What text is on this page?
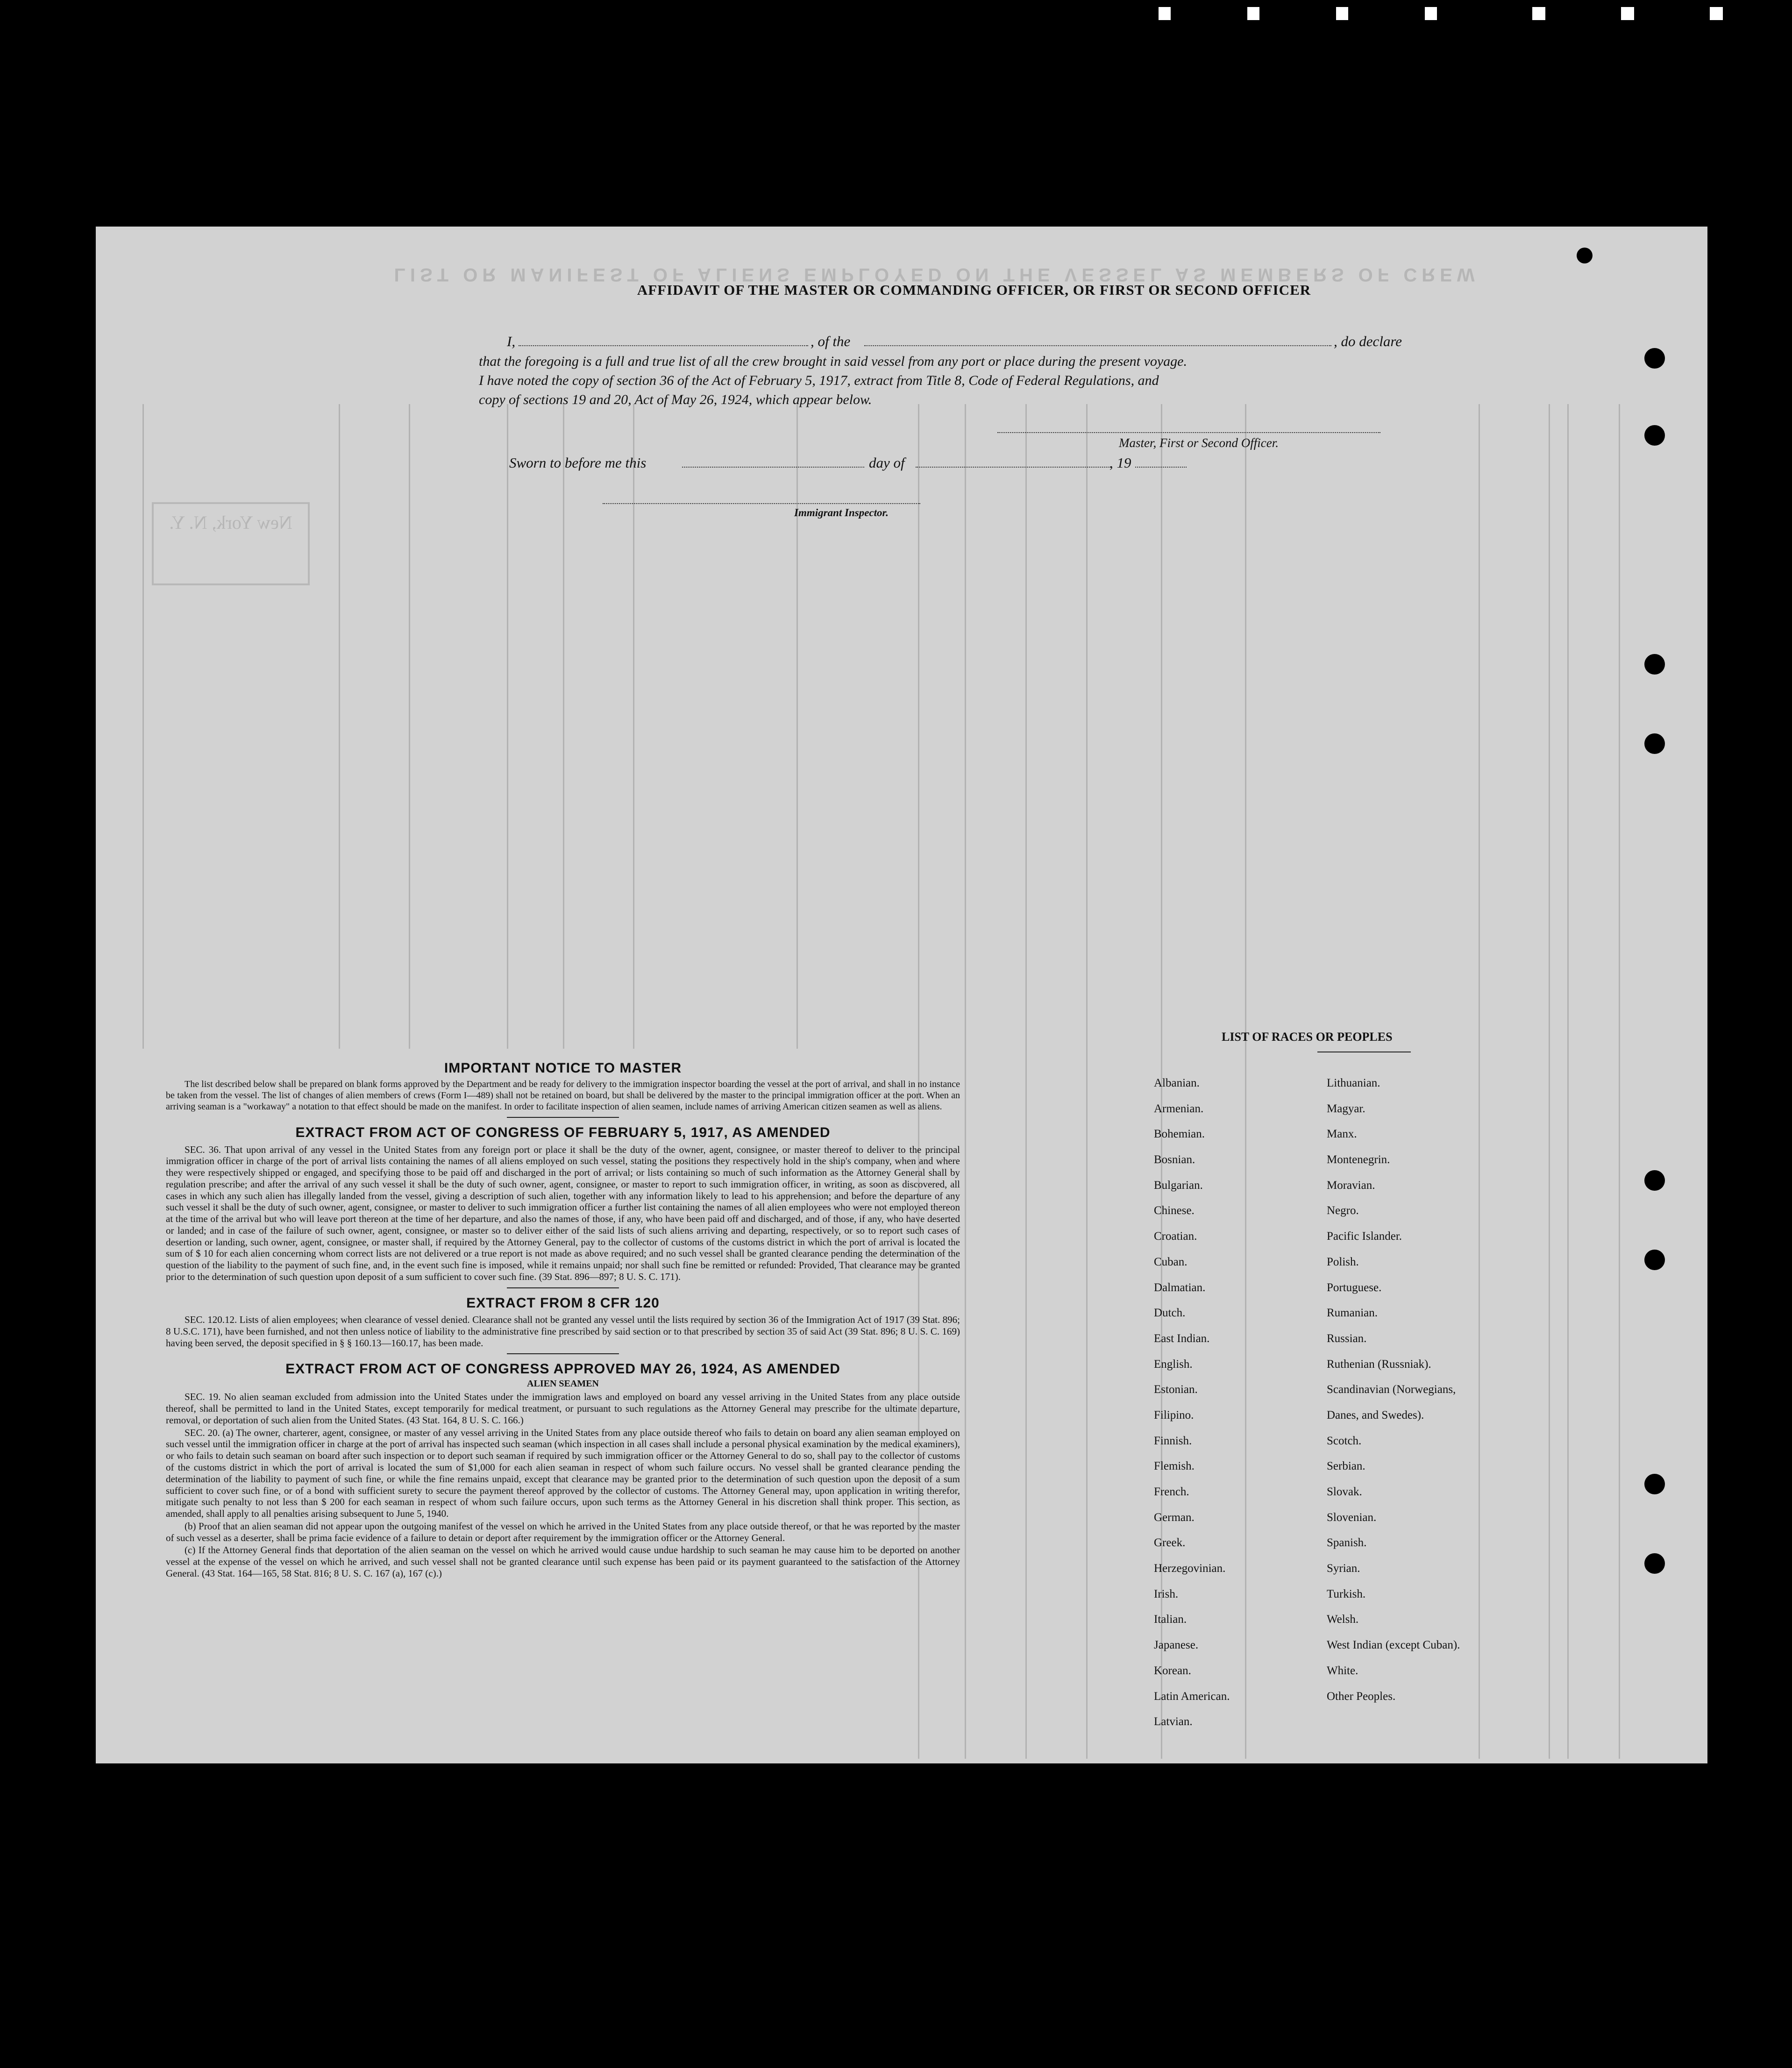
LIST OR MANIFEST OF ALIENS EMPLOYED ON THE VESSEL AS MEMBERS OF CREW
New York, N. Y.
AFFIDAVIT OF THE MASTER OR COMMANDING OFFICER, OR FIRST OR SECOND OFFICER
I,	, of the	, do declare
that the foregoing is a full and true list of all the crew brought in said vessel from any port or place during the present voyage.
I have noted the copy of section 36 of the Act of February 5, 1917, extract from Title 8, Code of Federal Regulations, and
copy of sections 19 and 20, Act of May 26, 1924, which appear below.
Master, First or Second Officer.
Sworn to before me this	day of	, 19
Immigrant Inspector.
IMPORTANT NOTICE TO MASTER

The list described below shall be prepared on blank forms approved by the Department and be ready for delivery to the immigration inspector boarding the vessel at the port of arrival, and shall in no instance be taken from the vessel. The list of changes of alien members of crews (Form I—489) shall not be retained on board, but shall be delivered by the master to the principal immigration officer at the port. When an arriving seaman is a "workaway" a notation to that effect should be made on the manifest. In order to facilitate inspection of alien seamen, include names of arriving American citizen seamen as well as aliens.

EXTRACT FROM ACT OF CONGRESS OF FEBRUARY 5, 1917, AS AMENDED

SEC. 36. That upon arrival of any vessel in the United States from any foreign port or place it shall be the duty of the owner, agent, consignee, or master thereof to deliver to the principal immigration officer in charge of the port of arrival lists containing the names of all aliens employed on such vessel, stating the positions they respectively hold in the ship's company, when and where they were respectively shipped or engaged, and specifying those to be paid off and discharged in the port of arrival; or lists containing so much of such information as the Attorney General shall by regulation prescribe; and after the arrival of any such vessel it shall be the duty of such owner, agent, consignee, or master to report to such immigration officer, in writing, as soon as discovered, all cases in which any such alien has illegally landed from the vessel, giving a description of such alien, together with any information likely to lead to his apprehension; and before the departure of any such vessel it shall be the duty of such owner, agent, consignee, or master to deliver to such immigration officer a further list containing the names of all alien employees who were not employed thereon at the time of the arrival but who will leave port thereon at the time of her departure, and also the names of those, if any, who have been paid off and discharged, and of those, if any, who have deserted or landed; and in case of the failure of such owner, agent, consignee, or master so to deliver either of the said lists of such aliens arriving and departing, respectively, or so to report such cases of desertion or landing, such owner, agent, consignee, or master shall, if required by the Attorney General, pay to the collector of customs of the customs district in which the port of arrival is located the sum of $ 10 for each alien concerning whom correct lists are not delivered or a true report is not made as above required; and no such vessel shall be granted clearance pending the determination of the question of the liability to the payment of such fine, and, in the event such fine is imposed, while it remains unpaid; nor shall such fine be remitted or refunded: Provided, That clearance may be granted prior to the determination of such question upon deposit of a sum sufficient to cover such fine. (39 Stat. 896—897; 8 U. S. C. 171).

EXTRACT FROM 8 CFR 120

SEC. 120.12. Lists of alien employees; when clearance of vessel denied. Clearance shall not be granted any vessel until the lists required by section 36 of the Immigration Act of 1917 (39 Stat. 896; 8 U.S.C. 171), have been furnished, and not then unless notice of liability to the administrative fine prescribed by said section or to that prescribed by section 35 of said Act (39 Stat. 896; 8 U. S. C. 169) having been served, the deposit specified in § § 160.13—160.17, has been made.

EXTRACT FROM ACT OF CONGRESS APPROVED MAY 26, 1924, AS AMENDED
ALIEN SEAMEN

SEC. 19. No alien seaman excluded from admission into the United States under the immigration laws and employed on board any vessel arriving in the United States from any place outside thereof, shall be permitted to land in the United States, except temporarily for medical treatment, or pursuant to such regulations as the Attorney General may prescribe for the ultimate departure, removal, or deportation of such alien from the United States. (43 Stat. 164, 8 U. S. C. 166.)

SEC. 20. (a) The owner, charterer, agent, consignee, or master of any vessel arriving in the United States from any place outside thereof who fails to detain on board any alien seaman employed on such vessel until the immigration officer in charge at the port of arrival has inspected such seaman (which inspection in all cases shall include a personal physical examination by the medical examiners), or who fails to detain such seaman on board after such inspection or to deport such seaman if required by such immigration officer or the Attorney General to do so, shall pay to the collector of customs of the customs district in which the port of arrival is located the sum of $1,000 for each alien seaman in respect of whom such failure occurs. No vessel shall be granted clearance pending the determination of the liability to payment of such fine, or while the fine remains unpaid, except that clearance may be granted prior to the determination of such question upon the deposit of a sum sufficient to cover such fine, or of a bond with sufficient surety to secure the payment thereof approved by the collector of customs. The Attorney General may, upon application in writing therefor, mitigate such penalty to not less than $ 200 for each seaman in respect of whom such failure occurs, upon such terms as the Attorney General in his discretion shall think proper. This section, as amended, shall apply to all penalties arising subsequent to June 5, 1940.

(b) Proof that an alien seaman did not appear upon the outgoing manifest of the vessel on which he arrived in the United States from any place outside thereof, or that he was reported by the master of such vessel as a deserter, shall be prima facie evidence of a failure to detain or deport after requirement by the immigration officer or the Attorney General.

(c) If the Attorney General finds that deportation of the alien seaman on the vessel on which he arrived would cause undue hardship to such seaman he may cause him to be deported on another vessel at the expense of the vessel on which he arrived, and such vessel shall not be granted clearance until such expense has been paid or its payment guaranteed to the satisfaction of the Attorney General. (43 Stat. 164—165, 58 Stat. 816; 8 U. S. C. 167 (a), 167 (c).)

LIST OF RACES OR PEOPLES
Albanian.
Armenian.
Bohemian.
Bosnian.
Bulgarian.
Chinese.
Croatian.
Cuban.
Dalmatian.
Dutch.
East Indian.
English.
Estonian.
Filipino.
Finnish.
Flemish.
French.
German.
Greek.
Herzegovinian.
Irish.
Italian.
Japanese.
Korean.
Latin American.
Latvian.
Lithuanian.
Magyar.
Manx.
Montenegrin.
Moravian.
Negro.
Pacific Islander.
Polish.
Portuguese.
Rumanian.
Russian.
Ruthenian (Russniak).
Scandinavian (Norwegians,
Danes, and Swedes).
Scotch.
Serbian.
Slovak.
Slovenian.
Spanish.
Syrian.
Turkish.
Welsh.
West Indian (except Cuban).
White.
Other Peoples.
